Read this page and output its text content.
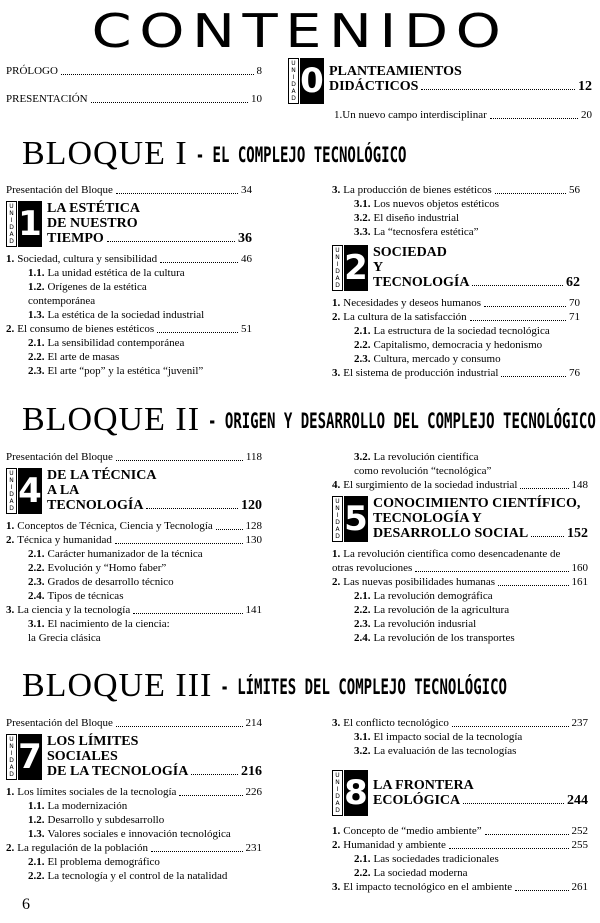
CONTENIDO
PRÓLOGO	8
PRESENTACIÓN	10
U
N
I
D
A
D 0 PLANTEAMIENTOS
DIDÁCTICOS	12
1.Un nuevo campo interdisciplinar	20
BLOQUE I - EL COMPLEJO TECNOLÓGICO
Presentación del Bloque	34
U
N
I
D
A
D 1 LA ESTÉTICA
DE NUESTRO
TIEMPO	36
1. Sociedad, cultura y sensibilidad	46
1.1. La unidad estética de la cultura
1.2. Orígenes de la estética
contemporánea
1.3. La estética de la sociedad industrial
2. El consumo de bienes estéticos	51
2.1. La sensibilidad contemporánea
2.2. El arte de masas
2.3. El arte “pop” y la estética “juvenil”
3. La producción de bienes estéticos	56
3.1. Los nuevos objetos estéticos
3.2. El diseño industrial
3.3. La “tecnosfera estética”
U
N
I
D
A
D 2 SOCIEDAD
Y
TECNOLOGÍA	62
1. Necesidades y deseos humanos	70
2. La cultura de la satisfacción	71
2.1. La estructura de la sociedad tecnológica
2.2. Capitalismo, democracia y hedonismo
2.3. Cultura, mercado y consumo
3. El sistema de producción industrial	76
BLOQUE II - ORIGEN Y DESARROLLO DEL COMPLEJO TECNOLÓGICO
Presentación del Bloque	118
U
N
I
D
A
D 4 DE LA TÉCNICA
A LA
TECNOLOGÍA	120
1. Conceptos de Técnica, Ciencia y Tecnología	128
2. Técnica y humanidad	130
2.1. Carácter humanizador de la técnica
2.2. Evolución y “Homo faber”
2.3. Grados de desarrollo técnico
2.4. Tipos de técnicas
3. La ciencia y la tecnología	141
3.1. El nacimiento de la ciencia:
la Grecia clásica
3.2. La revolución científica
como revolución “tecnológica”
4. El surgimiento de la sociedad industrial	148
U
N
I
D
A
D 5 CONOCIMIENTO CIENTÍFICO,
TECNOLOGÍA Y
DESARROLLO SOCIAL	152
1. La revolución científica como desencadenante de
otras revoluciones	160
2. Las nuevas posibilidades humanas	161
2.1. La revolución demográfica
2.2. La revolución de la agricultura
2.3. La revolución indusrial
2.4. La revolución de los transportes
BLOQUE III - LÍMITES DEL COMPLEJO TECNOLÓGICO
Presentación del Bloque	214
U
N
I
D
A
D 7 LOS LÍMITES
SOCIALES
DE LA TECNOLOGÍA	216
1. Los límites sociales de la tecnología	226
1.1. La modernización
1.2. Desarrollo y subdesarrollo
1.3. Valores sociales e innovación tecnológica
2. La regulación de la población	231
2.1. El problema demográfico
2.2. La tecnología y el control de la natalidad
3. El conflicto tecnológico	237
3.1. El impacto social de la tecnología
3.2. La evaluación de las tecnologías
U
N
I
D
A
D 8 LA FRONTERA
ECOLÓGICA	244
1. Concepto de “medio ambiente”	252
2. Humanidad y ambiente	255
2.1. Las sociedades tradicionales
2.2. La sociedad moderna
3. El impacto tecnológico en el ambiente	261
6
